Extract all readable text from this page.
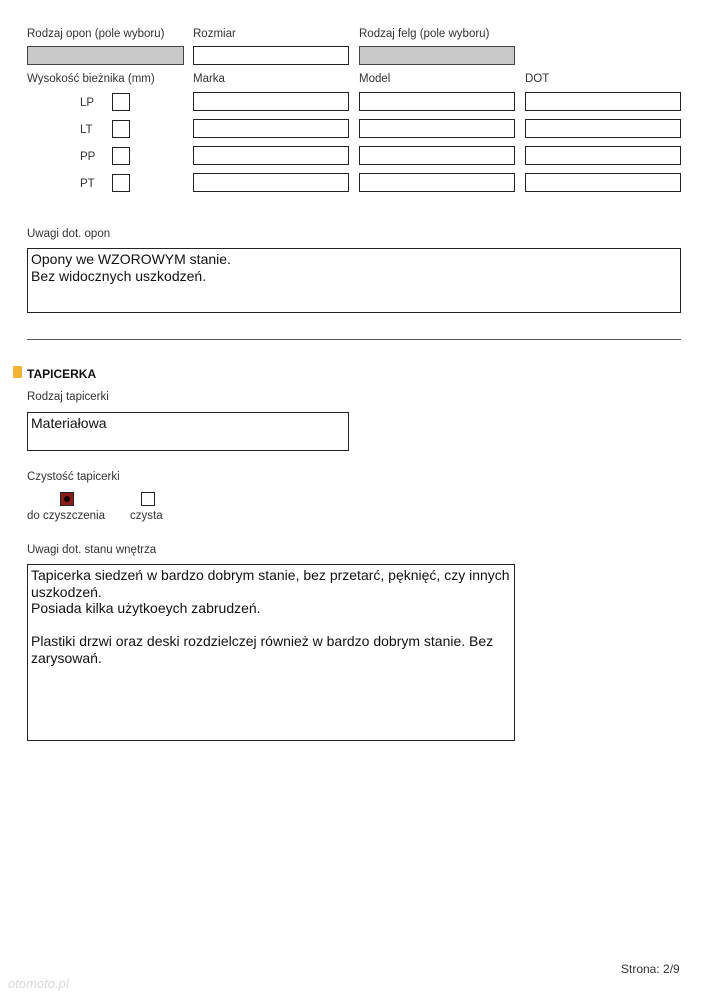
Rodzaj opon (pole wyboru) Rozmiar	Rodzaj felg (pole wyboru)
Wysokość bieżnika (mm)	Marka	Model	DOT
LP
LT
PP
PT
Uwagi dot. opon
Opony we WZOROWYM stanie.
Bez widocznych uszkodzeń.
TAPICERKA
Rodzaj tapicerki
Materiałowa
Czystość tapicerki
do czyszczenia czysta
Uwagi dot. stanu wnętrza
Tapicerka siedzeń w bardzo dobrym stanie, bez przetarć, pęknięć, czy innych uszkodzeń.
Posiada kilka użytkoeych zabrudzeń.

Plastiki drzwi oraz deski rozdzielczej również w bardzo dobrym stanie. Bez zarysowań.
Strona: 2/9
otomoto.pl
